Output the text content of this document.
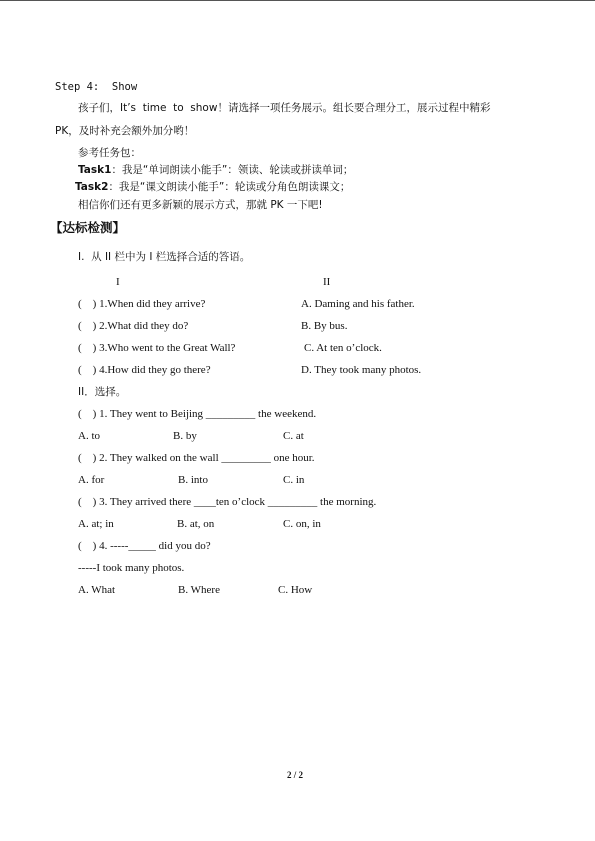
Step 4:  Show
孩子们，It’s  time  to  show！请选择一项任务展示。组长要合理分工，展示过程中精彩
PK，及时补充会额外加分哟！
参考任务包：
Task1：我是“单词朗读小能手”：领读、轮读或拼读单词；
Task2：我是“课文朗读小能手”：轮读或分角色朗读课文；
相信你们还有更多新颖的展示方式，那就 PK 一下吧!
【达标检测】
I.  从 II 栏中为 I 栏选择合适的答语。
I	II
(    ) 1.When did they arrive?	A. Daming and his father.
(    ) 2.What did they do?	B. By bus.
(    ) 3.Who went to the Great Wall?	C. At ten o’clock.
(    ) 4.How did they go there?	D. They took many photos.
II．选择。
(    ) 1. They went to Beijing _________ the weekend.
A. to	B. by	C. at
(    ) 2. They walked on the wall _________ one hour.
A. for	B. into	C. in
(    ) 3. They arrived there ____ten o’clock _________ the morning.
A. at; in	B. at, on	C. on, in
(    ) 4. -----_____ did you do?
-----I took many photos.
A. What	B. Where	C. How
2 / 2
